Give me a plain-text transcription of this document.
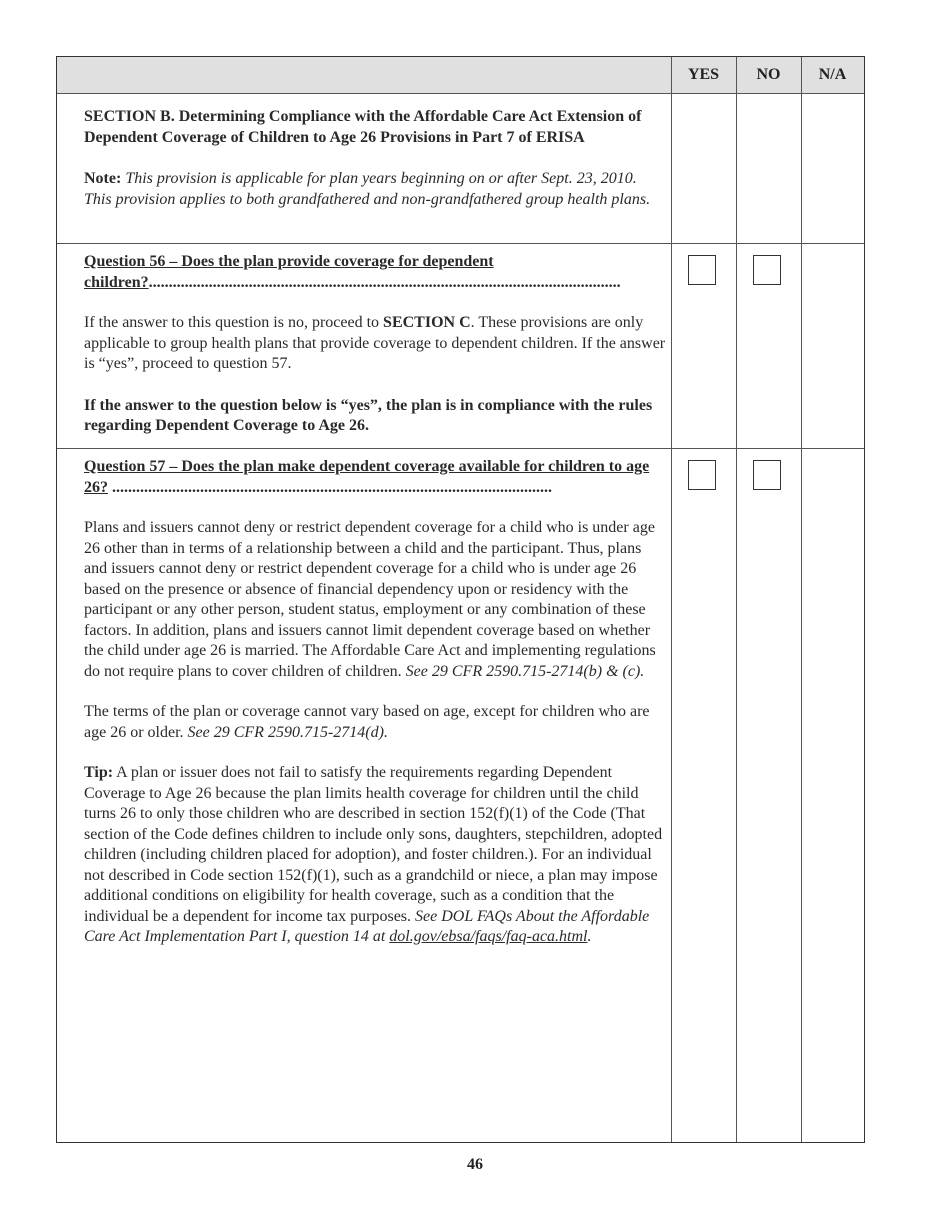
YES	NO	N/A

SECTION B. Determining Compliance with the Affordable Care Act Extension of Dependent Coverage of Children to Age 26 Provisions in Part 7 of ERISA

Note: This provision is applicable for plan years beginning on or after Sept. 23, 2010. This provision applies to both grandfathered and non-grandfathered group health plans.

Question 56 – Does the plan provide coverage for dependent children?......................................................................................................................

If the answer to this question is no, proceed to SECTION C. These provisions are only applicable to group health plans that provide coverage to dependent children. If the answer is “yes”, proceed to question 57.

If the answer to the question below is “yes”, the plan is in compliance with the rules regarding Dependent Coverage to Age 26.

Question 57 – Does the plan make dependent coverage available for children to age 26? ..............................................................................................................

Plans and issuers cannot deny or restrict dependent coverage for a child who is under age 26 other than in terms of a relationship between a child and the participant. Thus, plans and issuers cannot deny or restrict dependent coverage for a child who is under age 26 based on the presence or absence of financial dependency upon or residency with the participant or any other person, student status, employment or any combination of these factors. In addition, plans and issuers cannot limit dependent coverage based on whether the child under age 26 is married. The Affordable Care Act and implementing regulations do not require plans to cover children of children. See 29 CFR 2590.715-2714(b) & (c).

The terms of the plan or coverage cannot vary based on age, except for children who are age 26 or older. See 29 CFR 2590.715-2714(d).

Tip: A plan or issuer does not fail to satisfy the requirements regarding Dependent Coverage to Age 26 because the plan limits health coverage for children until the child turns 26 to only those children who are described in section 152(f)(1) of the Code (That section of the Code defines children to include only sons, daughters, stepchildren, adopted children (including children placed for adoption), and foster children.). For an individual not described in Code section 152(f)(1), such as a grandchild or niece, a plan may impose additional conditions on eligibility for health coverage, such as a condition that the individual be a dependent for income tax purposes. See DOL FAQs About the Affordable Care Act Implementation Part I, question 14 at dol.gov/ebsa/faqs/faq-aca.html.

46
